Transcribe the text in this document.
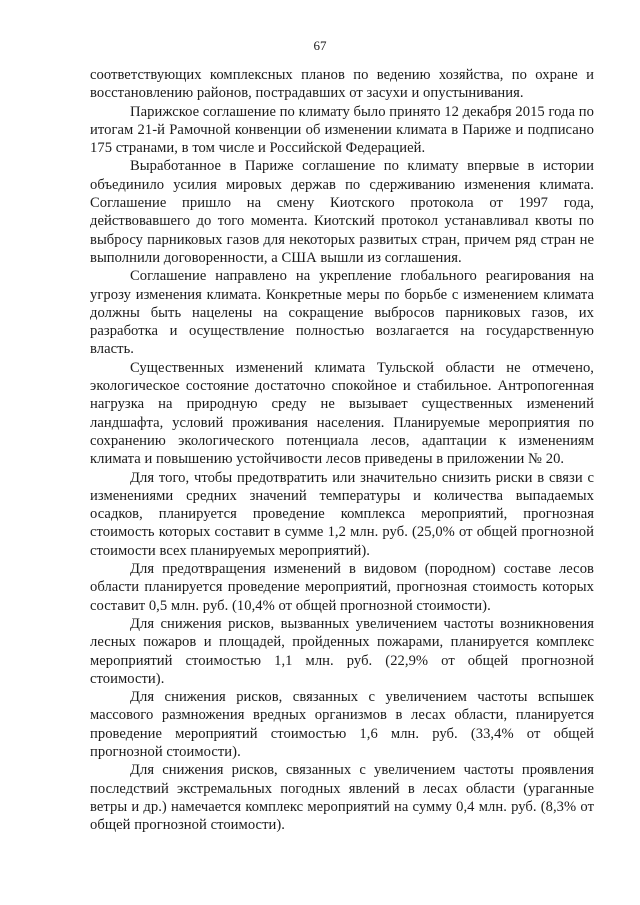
67

соответствующих комплексных планов по ведению хозяйства, по охране и восстановлению районов, пострадавших от засухи и опустынивания.

Парижское соглашение по климату было принято 12 декабря 2015 года по итогам 21-й Рамочной конвенции об изменении климата в Париже и подписано 175 странами, в том числе и Российской Федерацией.

Выработанное в Париже соглашение по климату впервые в истории объединило усилия мировых держав по сдерживанию изменения климата. Соглашение пришло на смену Киотского протокола от 1997 года, действовавшего до того момента. Киотский протокол устанавливал квоты по выбросу парниковых газов для некоторых развитых стран, причем ряд стран не выполнили договоренности, а США вышли из соглашения.

Соглашение направлено на укрепление глобального реагирования на угрозу изменения климата. Конкретные меры по борьбе с изменением климата должны быть нацелены на сокращение выбросов парниковых газов, их разработка и осуществление полностью возлагается на государственную власть.

Существенных изменений климата Тульской области не отмечено, экологическое состояние достаточно спокойное и стабильное. Антропогенная нагрузка на природную среду не вызывает существенных изменений ландшафта, условий проживания населения. Планируемые мероприятия по сохранению экологического потенциала лесов, адаптации к изменениям климата и повышению устойчивости лесов приведены в приложении № 20.

Для того, чтобы предотвратить или значительно снизить риски в связи с изменениями средних значений температуры и количества выпадаемых осадков, планируется проведение комплекса мероприятий, прогнозная стоимость которых составит в сумме 1,2 млн. руб. (25,0% от общей прогнозной стоимости всех планируемых мероприятий).

Для предотвращения изменений в видовом (породном) составе лесов области планируется проведение мероприятий, прогнозная стоимость которых составит 0,5 млн. руб. (10,4% от общей прогнозной стоимости).

Для снижения рисков, вызванных увеличением частоты возникновения лесных пожаров и площадей, пройденных пожарами, планируется комплекс мероприятий стоимостью 1,1 млн. руб. (22,9% от общей прогнозной стоимости).

Для снижения рисков, связанных с увеличением частоты вспышек массового размножения вредных организмов в лесах области, планируется проведение мероприятий стоимостью 1,6 млн. руб. (33,4% от общей прогнозной стоимости).

Для снижения рисков, связанных с увеличением частоты проявления последствий экстремальных погодных явлений в лесах области (ураганные ветры и др.) намечается комплекс мероприятий на сумму 0,4 млн. руб. (8,3% от общей прогнозной стоимости).
